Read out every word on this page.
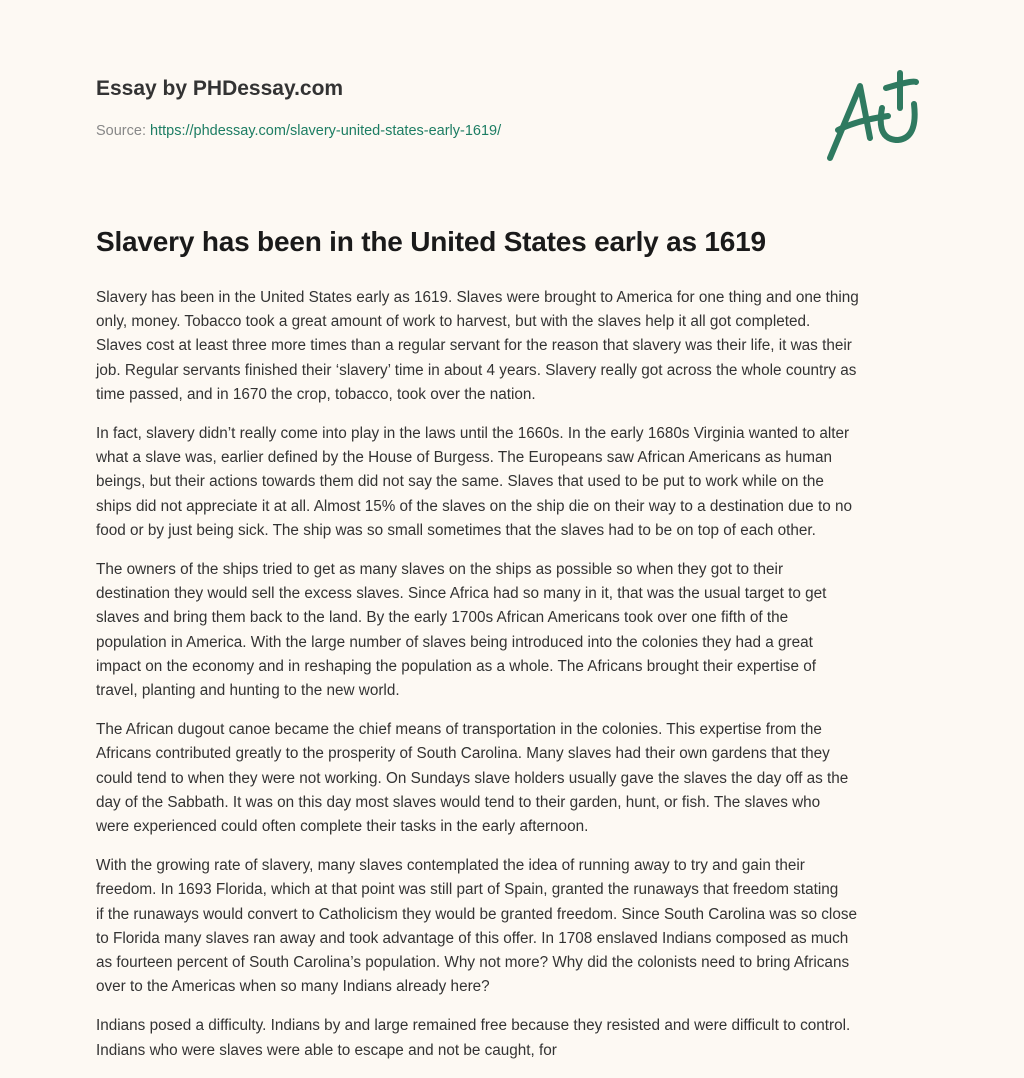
Essay by PHDessay.com
Source: https://phdessay.com/slavery-united-states-early-1619/
Slavery has been in the United States early as 1619

Slavery has been in the United States early as 1619. Slaves were brought to America for one thing and one thing
only, money. Tobacco took a great amount of work to harvest, but with the slaves help it all got completed.
Slaves cost at least three more times than a regular servant for the reason that slavery was their life, it was their
job. Regular servants finished their ‘slavery’ time in about 4 years. Slavery really got across the whole country as
time passed, and in 1670 the crop, tobacco, took over the nation.

In fact, slavery didn’t really come into play in the laws until the 1660s. In the early 1680s Virginia wanted to alter
what a slave was, earlier defined by the House of Burgess. The Europeans saw African Americans as human
beings, but their actions towards them did not say the same. Slaves that used to be put to work while on the
ships did not appreciate it at all. Almost 15% of the slaves on the ship die on their way to a destination due to no
food or by just being sick. The ship was so small sometimes that the slaves had to be on top of each other.

The owners of the ships tried to get as many slaves on the ships as possible so when they got to their
destination they would sell the excess slaves. Since Africa had so many in it, that was the usual target to get
slaves and bring them back to the land. By the early 1700s African Americans took over one fifth of the
population in America. With the large number of slaves being introduced into the colonies they had a great
impact on the economy and in reshaping the population as a whole. The Africans brought their expertise of
travel, planting and hunting to the new world.

The African dugout canoe became the chief means of transportation in the colonies. This expertise from the
Africans contributed greatly to the prosperity of South Carolina. Many slaves had their own gardens that they
could tend to when they were not working. On Sundays slave holders usually gave the slaves the day off as the
day of the Sabbath. It was on this day most slaves would tend to their garden, hunt, or fish. The slaves who
were experienced could often complete their tasks in the early afternoon.

With the growing rate of slavery, many slaves contemplated the idea of running away to try and gain their
freedom. In 1693 Florida, which at that point was still part of Spain, granted the runaways that freedom stating
if the runaways would convert to Catholicism they would be granted freedom. Since South Carolina was so close
to Florida many slaves ran away and took advantage of this offer. In 1708 enslaved Indians composed as much
as fourteen percent of South Carolina’s population. Why not more? Why did the colonists need to bring Africans
over to the Americas when so many Indians already here?

Indians posed a difficulty. Indians by and large remained free because they resisted and were difficult to control.
Indians who were slaves were able to escape and not be caught, for
